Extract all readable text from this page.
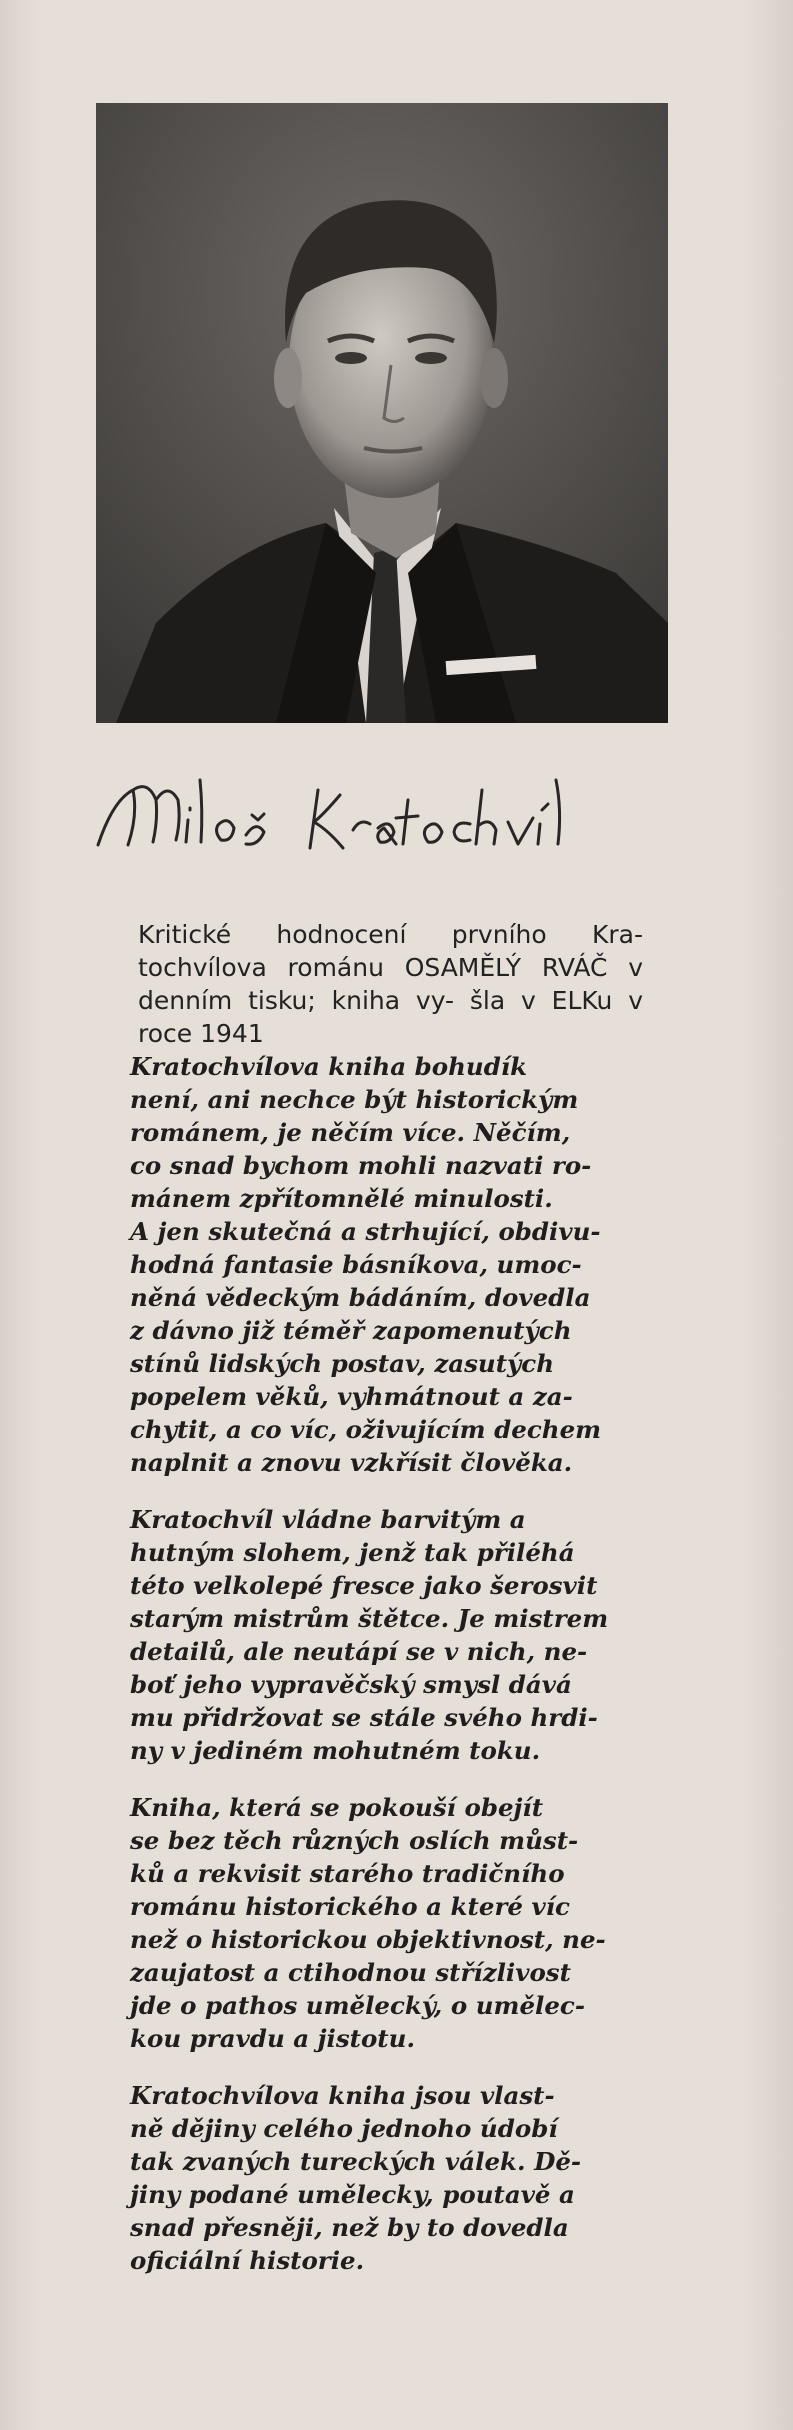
Kritické hodnocení prvního Kra- tochvílova románu OSAMĚLÝ RVÁČ v denním tisku; kniha vy- šla v ELKu v roce 1941

Kratochvílova kniha bohudík
není, ani nechce být historickým
románem, je něčím více. Něčím,
co snad bychom mohli nazvati ro-
mánem zpřítomnělé minulosti.
A jen skutečná a strhující, obdivu-
hodná fantasie básníkova, umoc-
něná vědeckým bádáním, dovedla
z dávno již téměř zapomenutých
stínů lidských postav, zasutých
popelem věků, vyhmátnout a za-
chytit, a co víc, oživujícím dechem
naplnit a znovu vzkřísit člověka.

Kratochvíl vládne barvitým a
hutným slohem, jenž tak přiléhá
této velkolepé fresce jako šerosvit
starým mistrům štětce. Je mistrem
detailů, ale neutápí se v nich, ne-
boť jeho vypravěčský smysl dává
mu přidržovat se stále svého hrdi-
ny v jediném mohutném toku.

Kniha, která se pokouší obejít
se bez těch různých oslích můst-
ků a rekvisit starého tradičního
románu historického a které víc
než o historickou objektivnost, ne-
zaujatost a ctihodnou střízlivost
jde o pathos umělecký, o umělec-
kou pravdu a jistotu.

Kratochvílova kniha jsou vlast-
ně dějiny celého jednoho údobí
tak zvaných tureckých válek. Dě-
jiny podané umělecky, poutavě a
snad přesněji, než by to dovedla
oficiální historie.
